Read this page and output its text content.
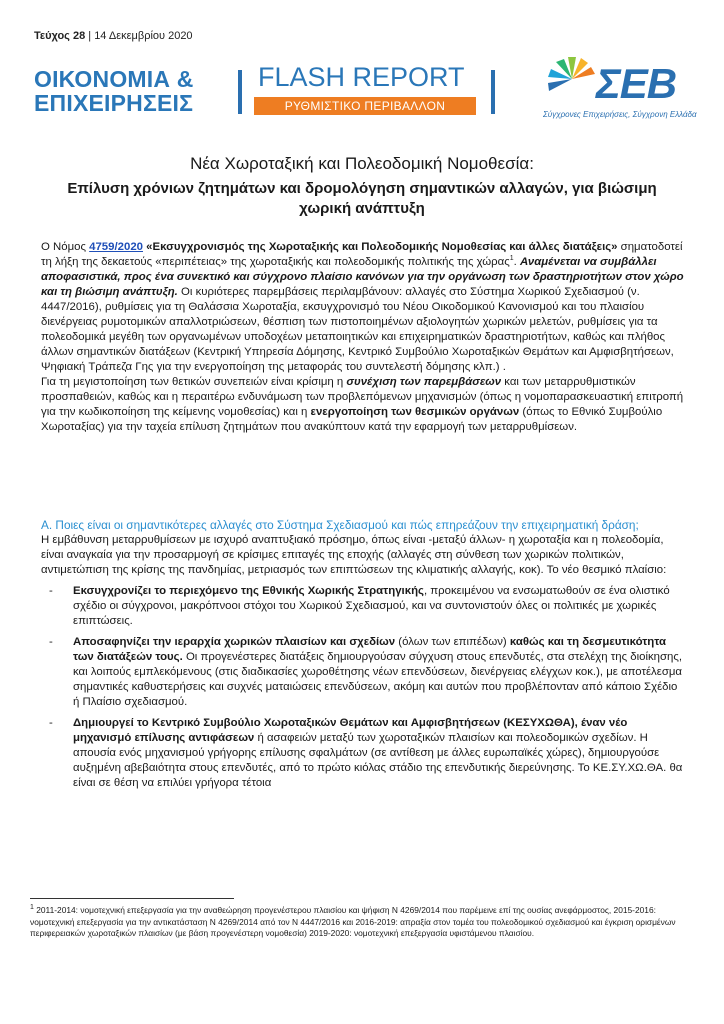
Τεύχος 28 | 14 Δεκεμβρίου 2020
ΟΙΚΟΝΟΜΙΑ &
ΕΠΙΧΕΙΡΗΣΕΙΣ
FLASH REPORT
ΡΥΘΜΙΣΤΙΚΟ ΠΕΡΙΒΑΛΛΟΝ	ΣΕΒ
Σύγχρονες Επιχειρήσεις, Σύγχρονη Ελλάδα
Νέα Χωροταξική και Πολεοδομική Νομοθεσία:
Επίλυση χρόνιων ζητημάτων και δρομολόγηση σημαντικών αλλαγών, για βιώσιμη χωρική ανάπτυξη

Ο Νόμος 4759/2020 «Εκσυγχρονισμός της Χωροταξικής και Πολεοδομικής Νομοθεσίας και άλλες διατάξεις» σηματοδοτεί τη λήξη της δεκαετούς «περιπέτειας» της χωροταξικής και πολεοδομικής πολιτικής της χώρας$^1$. Αναμένεται να συμβάλλει αποφασιστικά, προς ένα συνεκτικό και σύγχρονο πλαίσιο κανόνων για την οργάνωση των δραστηριοτήτων στον χώρο και τη βιώσιμη ανάπτυξη. Οι κυριότερες παρεμβάσεις περιλαμβάνουν: αλλαγές στο Σύστημα Χωρικού Σχεδιασμού (ν. 4447/2016), ρυθμίσεις για τη Θαλάσσια Χωροταξία, εκσυγχρονισμό του Νέου Οικοδομικού Κανονισμού και του πλαισίου διενέργειας ρυμοτομικών απαλλοτριώσεων, θέσπιση των πιστοποιημένων αξιολογητών χωρικών μελετών, ρυθμίσεις για τα πολεοδομικά μεγέθη των οργανωμένων υποδοχέων μεταποιητικών και επιχειρηματικών δραστηριοτήτων, καθώς και πλήθος άλλων σημαντικών διατάξεων (Κεντρική Υπηρεσία Δόμησης, Κεντρικό Συμβούλιο Χωροταξικών Θεμάτων και Αμφισβητήσεων, Ψηφιακή Τράπεζα Γης για την ενεργοποίηση της μεταφοράς του συντελεστή δόμησης κλπ.) .

Για τη μεγιστοποίηση των θετικών συνεπειών είναι κρίσιμη η συνέχιση των παρεμβάσεων και των μεταρρυθμιστικών προσπαθειών, καθώς και η περαιτέρω ενδυνάμωση των προβλεπόμενων μηχανισμών (όπως η νομοπαρασκευαστική επιτροπή για την κωδικοποίηση της κείμενης νομοθεσίας) και η ενεργοποίηση των θεσμικών οργάνων (όπως το Εθνικό Συμβούλιο Χωροταξίας) για την ταχεία επίλυση ζητημάτων που ανακύπτουν κατά την εφαρμογή των μεταρρυθμίσεων.

Α. Ποιες είναι οι σημαντικότερες αλλαγές στο Σύστημα Σχεδιασμού και πώς επηρεάζουν την επιχειρηματική δράση;

Η εμβάθυνση μεταρρυθμίσεων με ισχυρό αναπτυξιακό πρόσημο, όπως είναι -μεταξύ άλλων- η χωροταξία και η πολεοδομία, είναι αναγκαία για την προσαρμογή σε κρίσιμες επιταγές της εποχής (αλλαγές στη σύνθεση των χωρικών πολιτικών, αντιμετώπιση της κρίσης της πανδημίας, μετριασμός των επιπτώσεων της κλιματικής αλλαγής, κοκ). Το νέο θεσμικό πλαίσιο:

- Εκσυγχρονίζει το περιεχόμενο της Εθνικής Χωρικής Στρατηγικής, προκειμένου να ενσωματωθούν σε ένα ολιστικό σχέδιο οι σύγχρονοι, μακρόπνοοι στόχοι του Χωρικού Σχεδιασμού, και να συντονιστούν όλες οι πολιτικές με χωρικές επιπτώσεις.
- Αποσαφηνίζει την ιεραρχία χωρικών πλαισίων και σχεδίων (όλων των επιπέδων) καθώς και τη δεσμευτικότητα των διατάξεών τους. Οι προγενέστερες διατάξεις δημιουργούσαν σύγχυση στους επενδυτές, στα στελέχη της διοίκησης, και λοιπούς εμπλεκόμενους (στις διαδικασίες χωροθέτησης νέων επενδύσεων, διενέργειας ελέγχων κοκ.), με αποτέλεσμα σημαντικές καθυστερήσεις και συχνές ματαιώσεις επενδύσεων, ακόμη και αυτών που προβλέπονταν από κάποιο Σχέδιο ή Πλαίσιο σχεδιασμού.
- Δημιουργεί το Κεντρικό Συμβούλιο Χωροταξικών Θεμάτων και Αμφισβητήσεων (ΚΕΣΥΧΩΘΑ), έναν νέο μηχανισμό επίλυσης αντιφάσεων ή ασαφειών μεταξύ των χωροταξικών πλαισίων και πολεοδομικών σχεδίων. Η απουσία ενός μηχανισμού γρήγορης επίλυσης σφαλμάτων (σε αντίθεση με άλλες ευρωπαϊκές χώρες), δημιουργούσε αυξημένη αβεβαιότητα στους επενδυτές, από το πρώτο κιόλας στάδιο της επενδυτικής διερεύνησης. Το ΚΕ.ΣΥ.ΧΩ.ΘΑ. θα είναι σε θέση να επιλύει γρήγορα τέτοια
$^1$ 2011-2014: νομοτεχνική επεξεργασία για την αναθεώρηση προγενέστερου πλαισίου και ψήφιση Ν 4269/2014 που παρέμεινε επί της ουσίας ανεφάρμοστος, 2015-2016: νομοτεχνική επεξεργασία για την αντικατάσταση Ν 4269/2014 από τον Ν 4447/2016 και 2016-2019: απραξία στον τομέα του πολεοδομικού σχεδιασμού και έγκριση ορισμένων περιφερειακών χωροταξικών πλαισίων (με βάση προγενέστερη νομοθεσία) 2019-2020: νομοτεχνική επεξεργασία υφιστάμενου πλαισίου.
